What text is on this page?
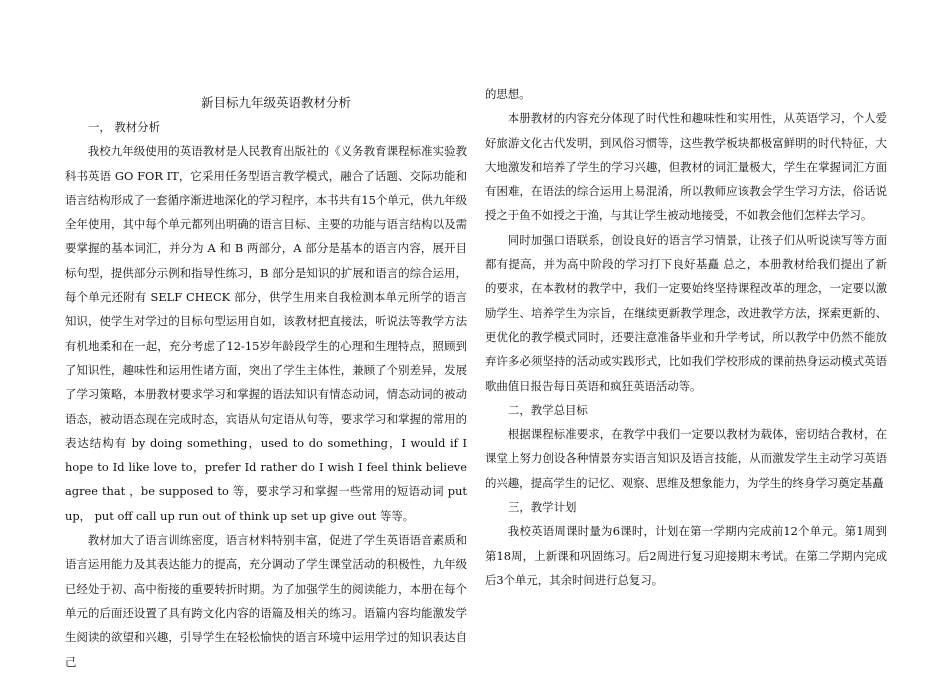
新目标九年级英语教材分析

一， 教材分析

我校九年级使用的英语教材是人民教育出版社的《义务教育课程标准实验教科书英语 GO FOR IT，它采用任务型语言教学模式，融合了话题、交际功能和语言结构形成了一套循序渐进地深化的学习程序，本书共有15个单元，供九年级全年使用，其中每个单元都列出明确的语言目标、主要的功能与语言结构以及需要掌握的基本词汇，并分为 A 和 B 两部分，A 部分是基本的语言内容，展开目标句型，提供部分示例和指导性练习，B 部分是知识的扩展和语言的综合运用，每个单元还附有 SELF CHECK 部分，供学生用来自我检测本单元所学的语言知识，使学生对学过的目标句型运用自如，该教材把直接法，听说法等教学方法有机地柔和在一起，充分考虑了12-15岁年龄段学生的心理和生理特点，照顾到了知识性，趣味性和运用性诸方面，突出了学生主体性，兼顾了个别差异，发展了学习策略，本册教材要求学习和掌握的语法知识有情态动词，情态动词的被动语态，被动语态现在完成时态，宾语从句定语从句等，要求学习和掌握的常用的表达结构有 by doing something，used to do something，I would if I hope to Id like love to，prefer Id rather do I wish I feel think believe agree that ，be supposed to 等，要求学习和掌握一些常用的短语动词 put up， put off call up run out of think up set up give out 等等。

教材加大了语言训练密度，语言材料特别丰富，促进了学生英语语音素质和语言运用能力及其表达能力的提高，充分调动了学生课堂活动的积极性，九年级已经处于初、高中衔接的重要转折时期。为了加强学生的阅读能力，本册在每个单元的后面还设置了具有跨文化内容的语篇及相关的练习。语篇内容均能激发学生阅读的欲望和兴趣，引导学生在轻松愉快的语言环境中运用学过的知识表达自己

的思想。

本册教材的内容充分体现了时代性和趣味性和实用性，从英语学习，个人爱好旅游文化古代发明，到风俗习惯等，这些教学板块都极富鲜明的时代特征，大大地激发和培养了学生的学习兴趣，但教材的词汇量极大，学生在掌握词汇方面有困难，在语法的综合运用上易混淆，所以教师应该教会学生学习方法，俗话说授之于鱼不如授之于渔，与其让学生被动地接受，不如教会他们怎样去学习。

同时加强口语联系，创设良好的语言学习情景，让孩子们从听说读写等方面都有提高，并为高中阶段的学习打下良好基矗 总之，本册教材给我们提出了新的要求，在本教材的教学中，我们一定要始终坚持课程改革的理念，一定要以激励学生、培养学生为宗旨，在继续更新教学理念，改进教学方法，探索更新的、更优化的教学模式同时，还要注意准备毕业和升学考试，所以教学中仍然不能放弃许多必须坚持的活动或实践形式，比如我们学校形成的课前热身运动模式英语歌曲值日报告每日英语和疯狂英语活动等。

二，教学总目标

根据课程标准要求，在教学中我们一定要以教材为载体，密切结合教材，在课堂上努力创设各种情景夯实语言知识及语言技能，从而激发学生主动学习英语的兴趣，提高学生的记忆、观察、思维及想象能力，为学生的终身学习奠定基矗

三，教学计划

我校英语周课时量为6课时，计划在第一学期内完成前12个单元。第1周到第18周，上新课和巩固练习。后2周进行复习迎接期末考试。在第二学期内完成后3个单元，其余时间进行总复习。
